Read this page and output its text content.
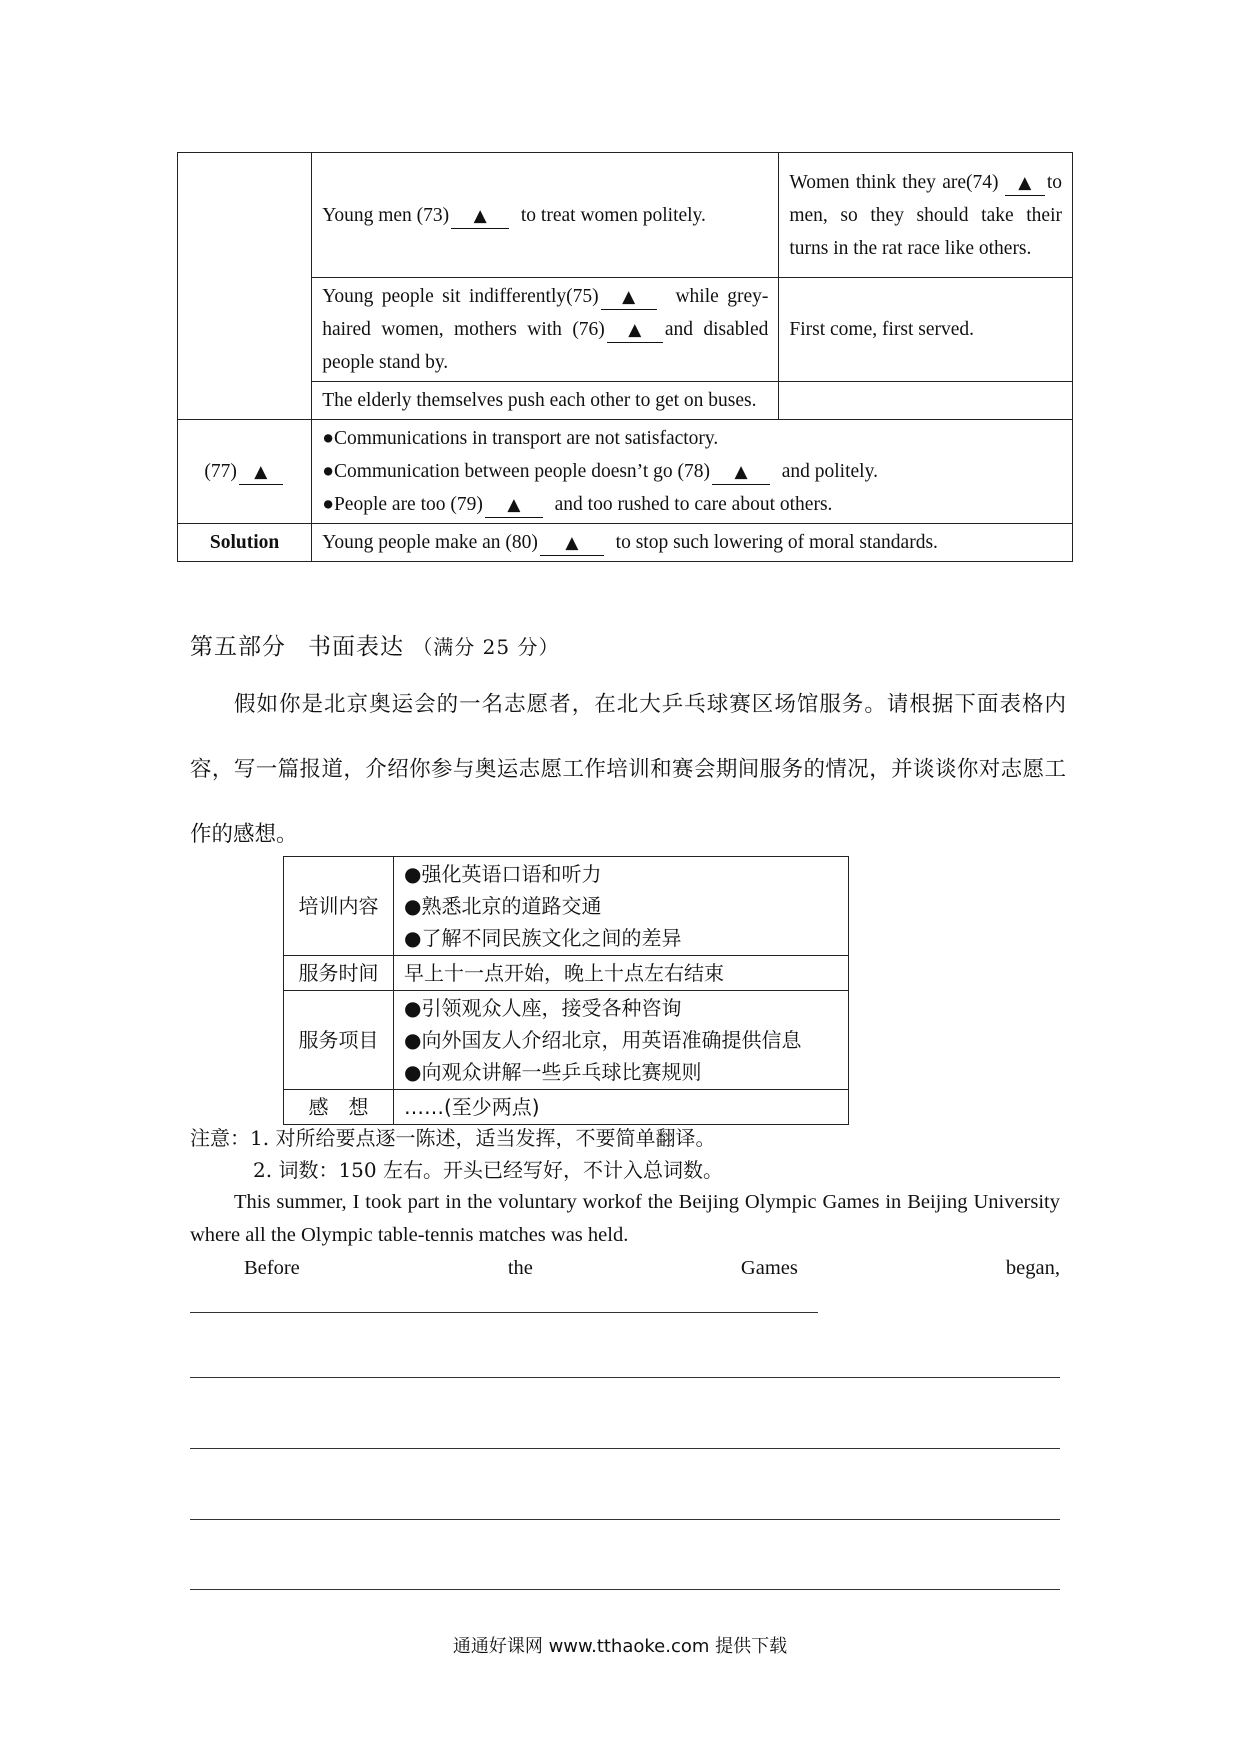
	Young men (73) ▲ to treat women politely.	Women think they are(74) ▲ to men, so they should take their turns in the rat race like others.
	Young people sit indifferently(75) ▲ while grey-haired women, mothers with (76) ▲ and disabled people stand by.	First come, first served.
	The elderly themselves push each other to get on buses.	
(77) ▲	●Communications in transport are not satisfactory.
●Communication between people doesn’t go (78) ▲ and politely.
●People are too (79) ▲ and too rushed to care about others.	

Solution	Young people make an (80) ▲ to stop such lowering of moral standards.	
第五部分 书面表达 （满分 25 分）
假如你是北京奥运会的一名志愿者，在北大乒乓球赛区场馆服务。请根据下面表格内容，写一篇报道，介绍你参与奥运志愿工作培训和赛会期间服务的情况，并谈谈你对志愿工作的感想。
培训内容	●强化英语口语和听力
●熟悉北京的道路交通
●了解不同民族文化之间的差异

服务时间	早上十一点开始，晚上十点左右结束
服务项目	●引领观众人座，接受各种咨询
●向外国友人介绍北京，用英语准确提供信息
●向观众讲解一些乒乓球比赛规则

感　想	……(至少两点)
注意：1. 对所给要点逐一陈述，适当发挥，不要简单翻译。
2. 词数：150 左右。开头已经写好，不计入总词数。
This summer, I took part in the voluntary workof the Beijing Olympic Games in Beijing University where all the Olympic table-tennis matches was held.
Before	the	Games	began,
通通好课网 www.tthaoke.com 提供下载
